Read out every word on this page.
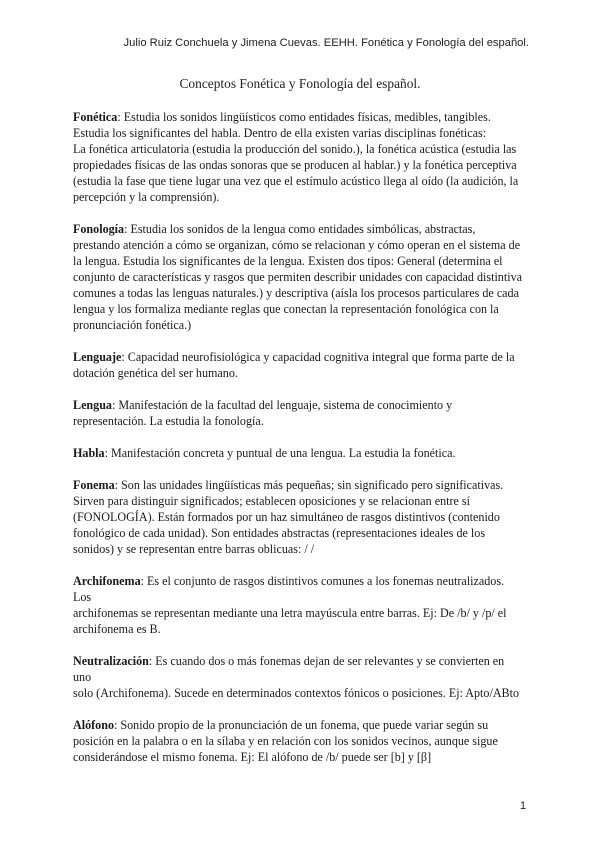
Julio Ruiz Conchuela y Jimena Cuevas. EEHH. Fonética y Fonología del español.
Conceptos Fonética y Fonología del español.
Fonética: Estudia los sonidos lingüísticos como entidades físicas, medibles, tangibles.
Estudia los significantes del habla. Dentro de ella existen varias disciplinas fonéticas:
La fonética articulatoria (estudia la producción del sonido.), la fonética acústica (estudia las
propiedades físicas de las ondas sonoras que se producen al hablar.) y la fonética perceptiva
(estudia la fase que tiene lugar una vez que el estímulo acústico llega al oído (la audición, la
percepción y la comprensión).
Fonología: Estudia los sonidos de la lengua como entidades simbólicas, abstractas,
prestando atención a cómo se organizan, cómo se relacionan y cómo operan en el sistema de
la lengua. Estudia los significantes de la lengua. Existen dos tipos: General (determina el
conjunto de características y rasgos que permiten describir unidades con capacidad distintiva
comunes a todas las lenguas naturales.) y descriptiva (aísla los procesos particulares de cada
lengua y los formaliza mediante reglas que conectan la representación fonológica con la
pronunciación fonética.)
Lenguaje: Capacidad neurofisiológica y capacidad cognitiva integral que forma parte de la
dotación genética del ser humano.
Lengua: Manifestación de la facultad del lenguaje, sistema de conocimiento y
representación. La estudia la fonología.
Habla: Manifestación concreta y puntual de una lengua. La estudia la fonética.
Fonema: Son las unidades lingüísticas más pequeñas; sin significado pero significativas.
Sirven para distinguir significados; establecen oposiciones y se relacionan entre sí
(FONOLOGÍA). Están formados por un haz simultáneo de rasgos distintivos (contenido
fonológico de cada unidad). Son entidades abstractas (representaciones ideales de los
sonidos) y se representan entre barras oblicuas: / /
Archifonema: Es el conjunto de rasgos distintivos comunes a los fonemas neutralizados. Los
archifonemas se representan mediante una letra mayúscula entre barras. Ej: De /b/ y /p/ el
archifonema es B.
Neutralización: Es cuando dos o más fonemas dejan de ser relevantes y se convierten en uno
solo (Archifonema). Sucede en determinados contextos fónicos o posiciones. Ej: Apto/ABto
Alófono: Sonido propio de la pronunciación de un fonema, que puede variar según su
posición en la palabra o en la sílaba y en relación con los sonidos vecinos, aunque sigue
considerándose el mismo fonema. Ej: El alófono de /b/ puede ser [b] y [β]
1
